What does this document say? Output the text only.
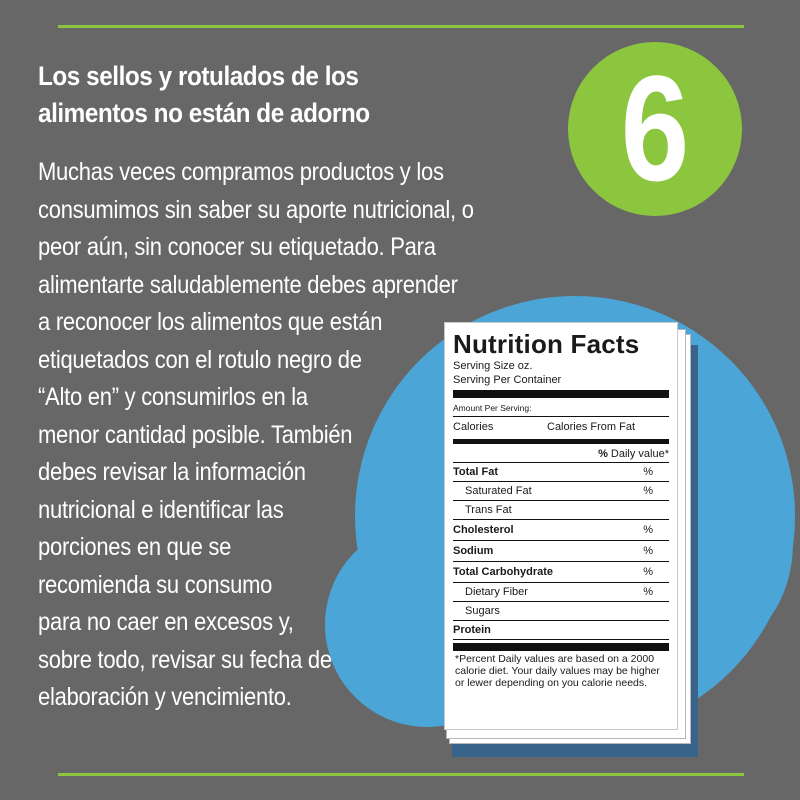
Los sellos y rotulados de los
alimentos no están de adorno	6
Muchas veces compramos productos y los
consumimos sin saber su aporte nutricional, o
peor aún, sin conocer su etiquetado. Para
alimentarte saludablemente debes aprender
a reconocer los alimentos que están
etiquetados con el rotulo negro de
“Alto en” y consumirlos en la
menor cantidad posible. También
debes revisar la información
nutricional e identificar las
porciones en que se
recomienda su consumo
para no caer en excesos y,
sobre todo, revisar su fecha de
elaboración y vencimiento.
Nutrition Facts
Serving Size oz.
Serving Per Container
Amount Per Serving:
Calories	Calories From Fat
% Daily value*
Total Fat	%
Saturated Fat	%
Trans Fat
Cholesterol	%
Sodium	%
Total Carbohydrate	%
Dietary Fiber	%
Sugars
Protein
*Percent Daily values are based on a 2000 calorie diet. Your daily values may be higher or lewer depending on you calorie needs.
